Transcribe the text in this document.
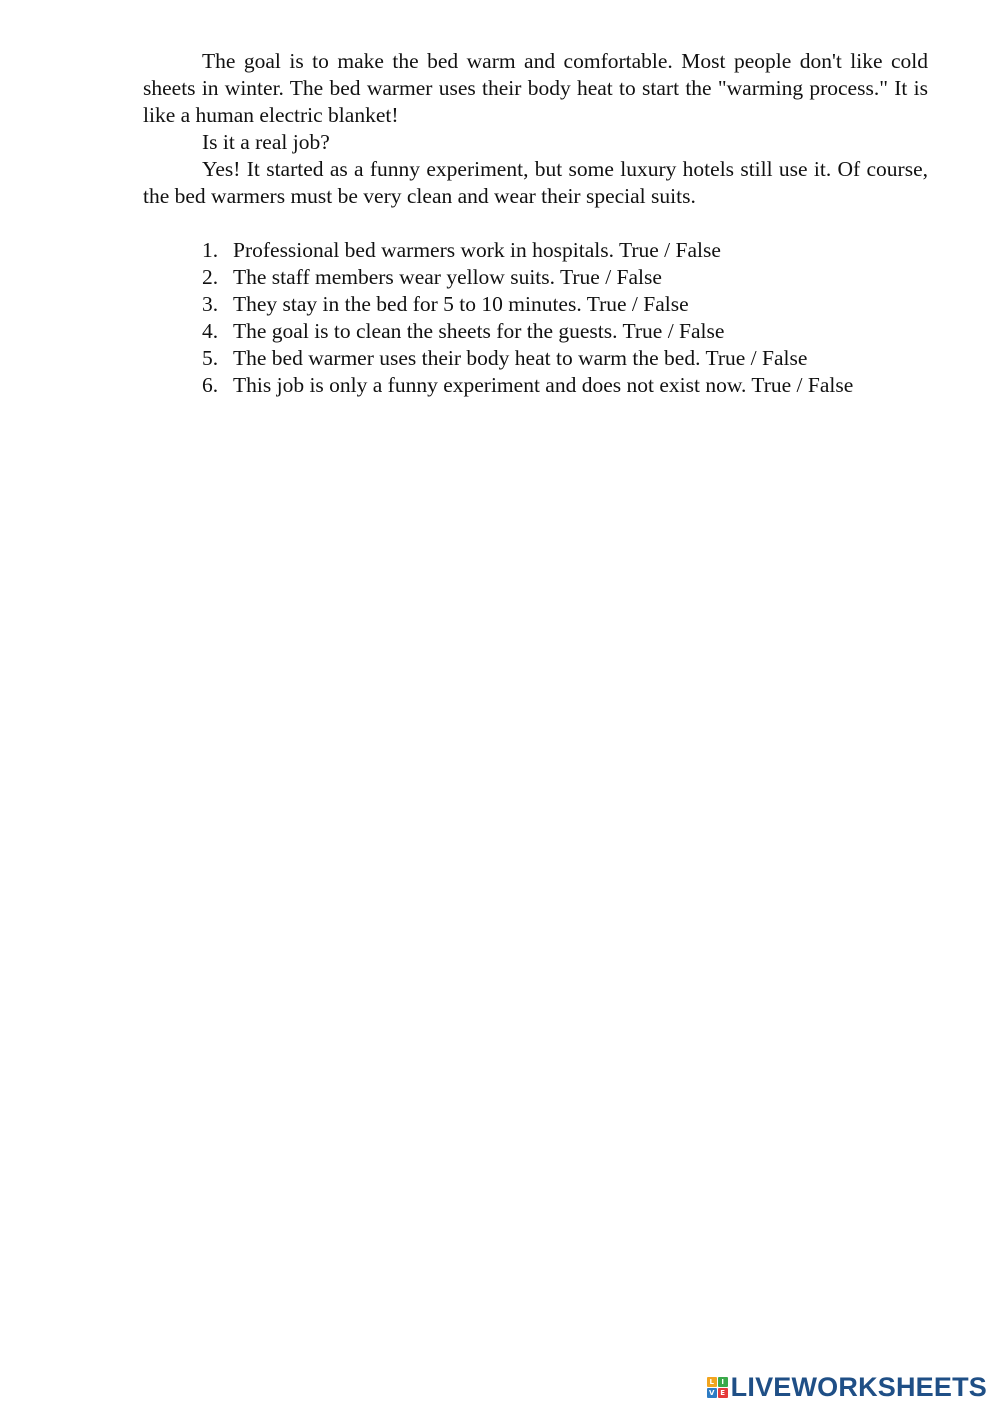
The goal is to make the bed warm and comfortable. Most people don't like cold sheets in winter. The bed warmer uses their body heat to start the "warming process." It is like a human electric blanket!

Is it a real job?

Yes! It started as a funny experiment, but some luxury hotels still use it. Of course, the bed warmers must be very clean and wear their special suits.

1. Professional bed warmers work in hospitals. True / False
2. The staff members wear yellow suits. True / False
3. They stay in the bed for 5 to 10 minutes. True / False
4. The goal is to clean the sheets for the guests. True / False
5. The bed warmer uses their body heat to warm the bed. True / False
6. This job is only a funny experiment and does not exist now. True / False
L	I
V E LIVEWORKSHEETS
